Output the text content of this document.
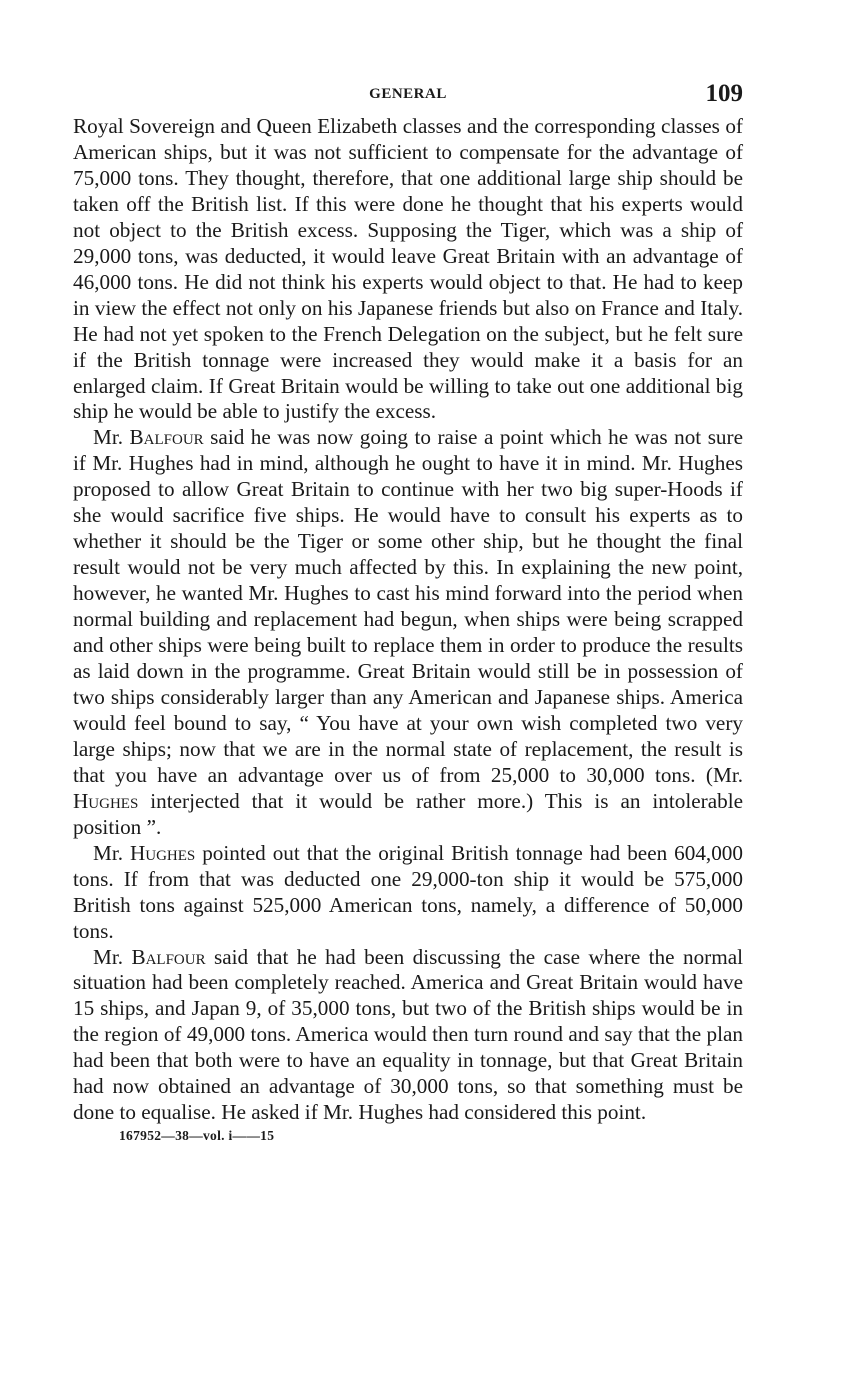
GENERAL	109

Royal Sovereign and Queen Elizabeth classes and the corresponding classes of American ships, but it was not sufficient to compensate for the advantage of 75,000 tons. They thought, therefore, that one additional large ship should be taken off the British list. If this were done he thought that his experts would not object to the British excess. Supposing the Tiger, which was a ship of 29,000 tons, was deducted, it would leave Great Britain with an advantage of 46,000 tons. He did not think his experts would object to that. He had to keep in view the effect not only on his Japanese friends but also on France and Italy. He had not yet spoken to the French Delegation on the subject, but he felt sure if the British tonnage were increased they would make it a basis for an enlarged claim. If Great Britain would be willing to take out one additional big ship he would be able to justify the excess.

Mr. Balfour said he was now going to raise a point which he was not sure if Mr. Hughes had in mind, although he ought to have it in mind. Mr. Hughes proposed to allow Great Britain to continue with her two big super-Hoods if she would sacrifice five ships. He would have to consult his experts as to whether it should be the Tiger or some other ship, but he thought the final result would not be very much affected by this. In explaining the new point, however, he wanted Mr. Hughes to cast his mind forward into the period when normal building and replacement had begun, when ships were being scrapped and other ships were being built to replace them in order to produce the results as laid down in the programme. Great Britain would still be in possession of two ships considerably larger than any American and Japanese ships. America would feel bound to say, “ You have at your own wish completed two very large ships; now that we are in the normal state of replacement, the result is that you have an advantage over us of from 25,000 to 30,000 tons. (Mr. Hughes interjected that it would be rather more.) This is an intolerable position ”.

Mr. Hughes pointed out that the original British tonnage had been 604,000 tons. If from that was deducted one 29,000-ton ship it would be 575,000 British tons against 525,000 American tons, namely, a difference of 50,000 tons.

Mr. Balfour said that he had been discussing the case where the normal situation had been completely reached. America and Great Britain would have 15 ships, and Japan 9, of 35,000 tons, but two of the British ships would be in the region of 49,000 tons. America would then turn round and say that the plan had been that both were to have an equality in tonnage, but that Great Britain had now obtained an advantage of 30,000 tons, so that something must be done to equalise. He asked if Mr. Hughes had considered this point.

167952—38—vol. i——15
